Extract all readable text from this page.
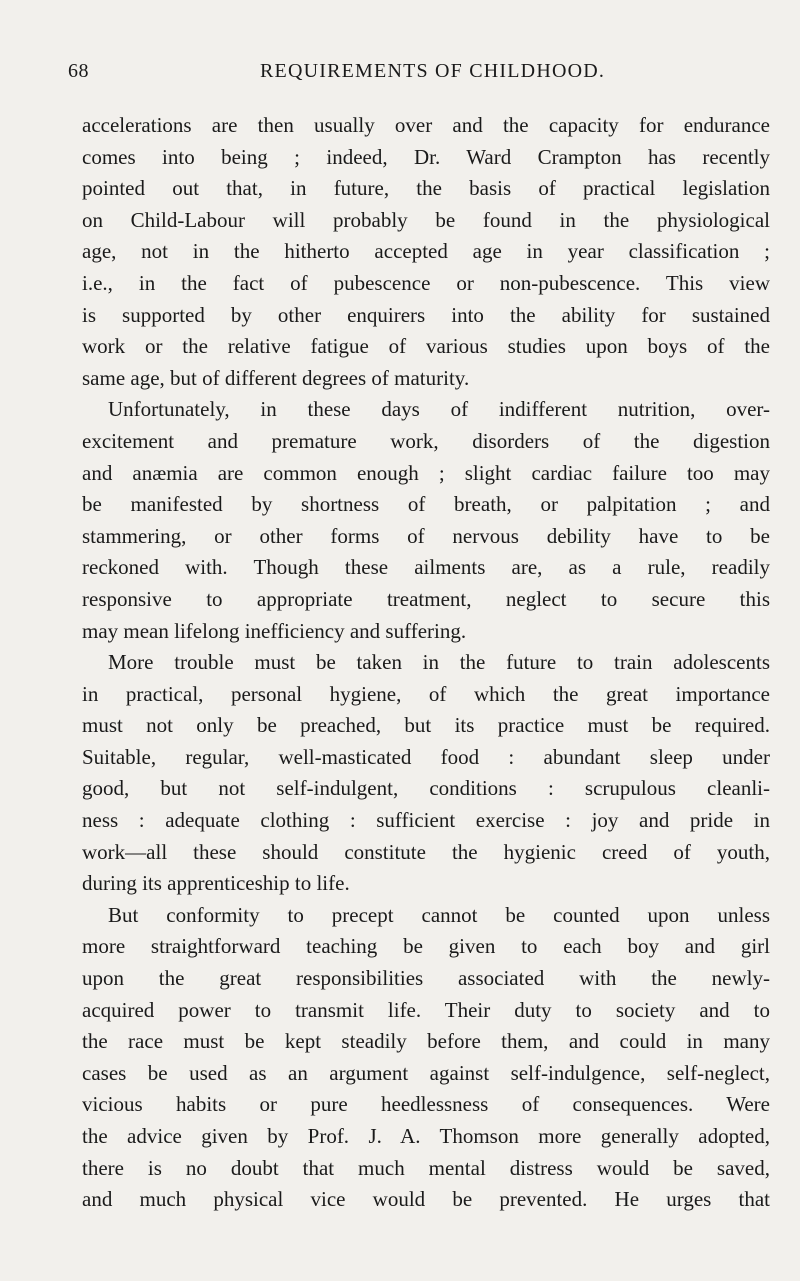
68	REQUIREMENTS OF CHILDHOOD.
accelerations are then usually over and the capacity for endurance
comes into being ; indeed, Dr. Ward Crampton has recently
pointed out that, in future, the basis of practical legislation
on Child-Labour will probably be found in the physiological
age, not in the hitherto accepted age in year classification ;
i.e., in the fact of pubescence or non-pubescence. This view
is supported by other enquirers into the ability for sustained
work or the relative fatigue of various studies upon boys of the
same age, but of different degrees of maturity.
Unfortunately, in these days of indifferent nutrition, over-
excitement and premature work, disorders of the digestion
and anæmia are common enough ; slight cardiac failure too may
be manifested by shortness of breath, or palpitation ; and
stammering, or other forms of nervous debility have to be
reckoned with. Though these ailments are, as a rule, readily
responsive to appropriate treatment, neglect to secure this
may mean lifelong inefficiency and suffering.
More trouble must be taken in the future to train adolescents
in practical, personal hygiene, of which the great importance
must not only be preached, but its practice must be required.
Suitable, regular, well-masticated food : abundant sleep under
good, but not self-indulgent, conditions : scrupulous cleanli-
ness : adequate clothing : sufficient exercise : joy and pride in
work—all these should constitute the hygienic creed of youth,
during its apprenticeship to life.
But conformity to precept cannot be counted upon unless
more straightforward teaching be given to each boy and girl
upon the great responsibilities associated with the newly-
acquired power to transmit life. Their duty to society and to
the race must be kept steadily before them, and could in many
cases be used as an argument against self-indulgence, self-neglect,
vicious habits or pure heedlessness of consequences. Were
the advice given by Prof. J. A. Thomson more generally adopted,
there is no doubt that much mental distress would be saved,
and much physical vice would be prevented. He urges that
